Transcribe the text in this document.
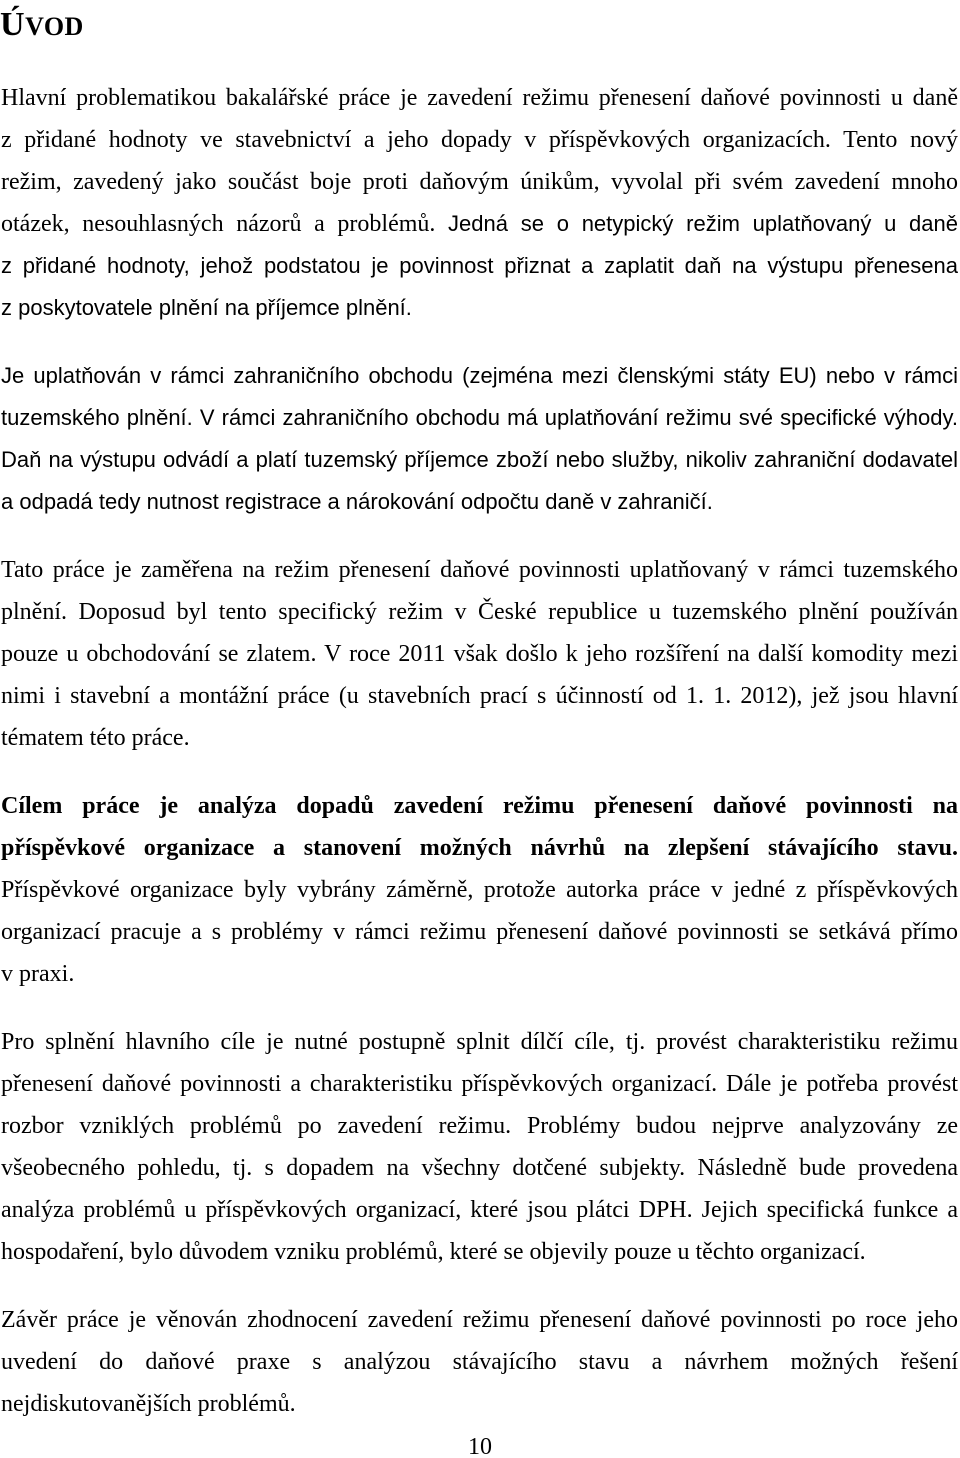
ÚVOD
Hlavní problematikou bakalářské práce je zavedení režimu přenesení daňové povinnosti u daně
z přidané hodnoty ve stavebnictví a jeho dopady v příspěvkových organizacích. Tento nový
režim, zavedený jako součást boje proti daňovým únikům, vyvolal při svém zavedení mnoho
otázek, nesouhlasných názorů a problémů. Jedná se o netypický režim uplatňovaný u daně
z přidané hodnoty, jehož podstatou je povinnost přiznat a zaplatit daň na výstupu přenesena
z poskytovatele plnění na příjemce plnění.
Je uplatňován v rámci zahraničního obchodu (zejména mezi členskými státy EU) nebo v rámci
tuzemského plnění. V rámci zahraničního obchodu má uplatňování režimu své specifické výhody.
Daň na výstupu odvádí a platí tuzemský příjemce zboží nebo služby, nikoliv zahraniční dodavatel
a odpadá tedy nutnost registrace a nárokování odpočtu daně v zahraničí.
Tato práce je zaměřena na režim přenesení daňové povinnosti uplatňovaný v rámci tuzemského
plnění. Doposud byl tento specifický režim v České republice u tuzemského plnění používán
pouze u obchodování se zlatem. V roce 2011 však došlo k jeho rozšíření na další komodity mezi
nimi i stavební a montážní práce (u stavebních prací s účinností od 1. 1. 2012), jež jsou hlavní
tématem této práce.
Cílem práce je analýza dopadů zavedení režimu přenesení daňové povinnosti na
příspěvkové organizace a stanovení možných návrhů na zlepšení stávajícího stavu.
Příspěvkové organizace byly vybrány záměrně, protože autorka práce v jedné z příspěvkových
organizací pracuje a s problémy v rámci režimu přenesení daňové povinnosti se setkává přímo
v praxi.
Pro splnění hlavního cíle je nutné postupně splnit dílčí cíle, tj. provést charakteristiku režimu
přenesení daňové povinnosti a charakteristiku příspěvkových organizací. Dále je potřeba provést
rozbor vzniklých problémů po zavedení režimu. Problémy budou nejprve analyzovány ze
všeobecného pohledu, tj. s dopadem na všechny dotčené subjekty. Následně bude provedena
analýza problémů u příspěvkových organizací, které jsou plátci DPH. Jejich specifická funkce a
hospodaření, bylo důvodem vzniku problémů, které se objevily pouze u těchto organizací.
Závěr práce je věnován zhodnocení zavedení režimu přenesení daňové povinnosti po roce jeho
uvedení do daňové praxe s analýzou stávajícího stavu a návrhem možných řešení
nejdiskutovanějších problémů.
10
